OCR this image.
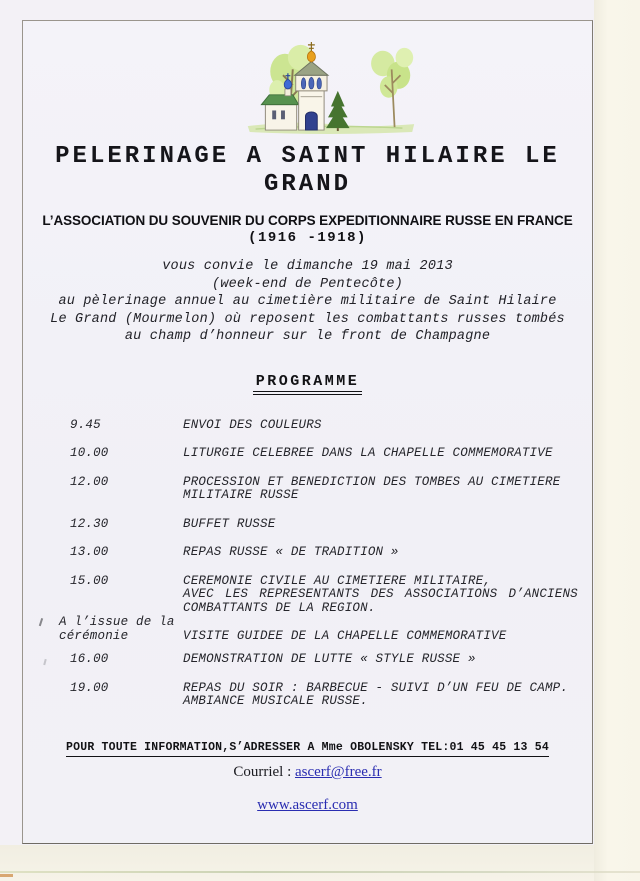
PELERINAGE A SAINT HILAIRE LE
GRAND
L’ASSOCIATION DU SOUVENIR DU CORPS EXPEDITIONNAIRE RUSSE EN FRANCE
(1916 -1918)
vous convie le dimanche 19 mai 2013
(week-end de Pentecôte)
au pèlerinage annuel au cimetière militaire de Saint Hilaire
Le Grand (Mourmelon) où reposent les combattants russes tombés
au champ d’honneur sur le front de Champagne
PROGRAMME
9.45	ENVOI DES COULEURS
10.00	LITURGIE CELEBREE DANS LA CHAPELLE COMMEMORATIVE
12.00	PROCESSION ET BENEDICTION DES TOMBES AU CIMETIERE
MILITAIRE RUSSE
12.30	BUFFET RUSSE
13.00	REPAS RUSSE « DE TRADITION »
15.00	CEREMONIE CIVILE AU CIMETIERE MILITAIRE,
AVEC LES REPRESENTANTS DES ASSOCIATIONS D’ANCIENS
COMBATTANTS DE LA REGION.
A l’issue de la
cérémonie	VISITE GUIDEE DE LA CHAPELLE COMMEMORATIVE
16.00	DEMONSTRATION DE LUTTE « STYLE RUSSE »
19.00	REPAS DU SOIR : BARBECUE - SUIVI D’UN FEU DE CAMP.
AMBIANCE MUSICALE RUSSE.
POUR TOUTE INFORMATION,S’ADRESSER A Mme OBOLENSKY TEL:01 45 45 13 54
Courriel : ascerf@free.fr
www.ascerf.com
